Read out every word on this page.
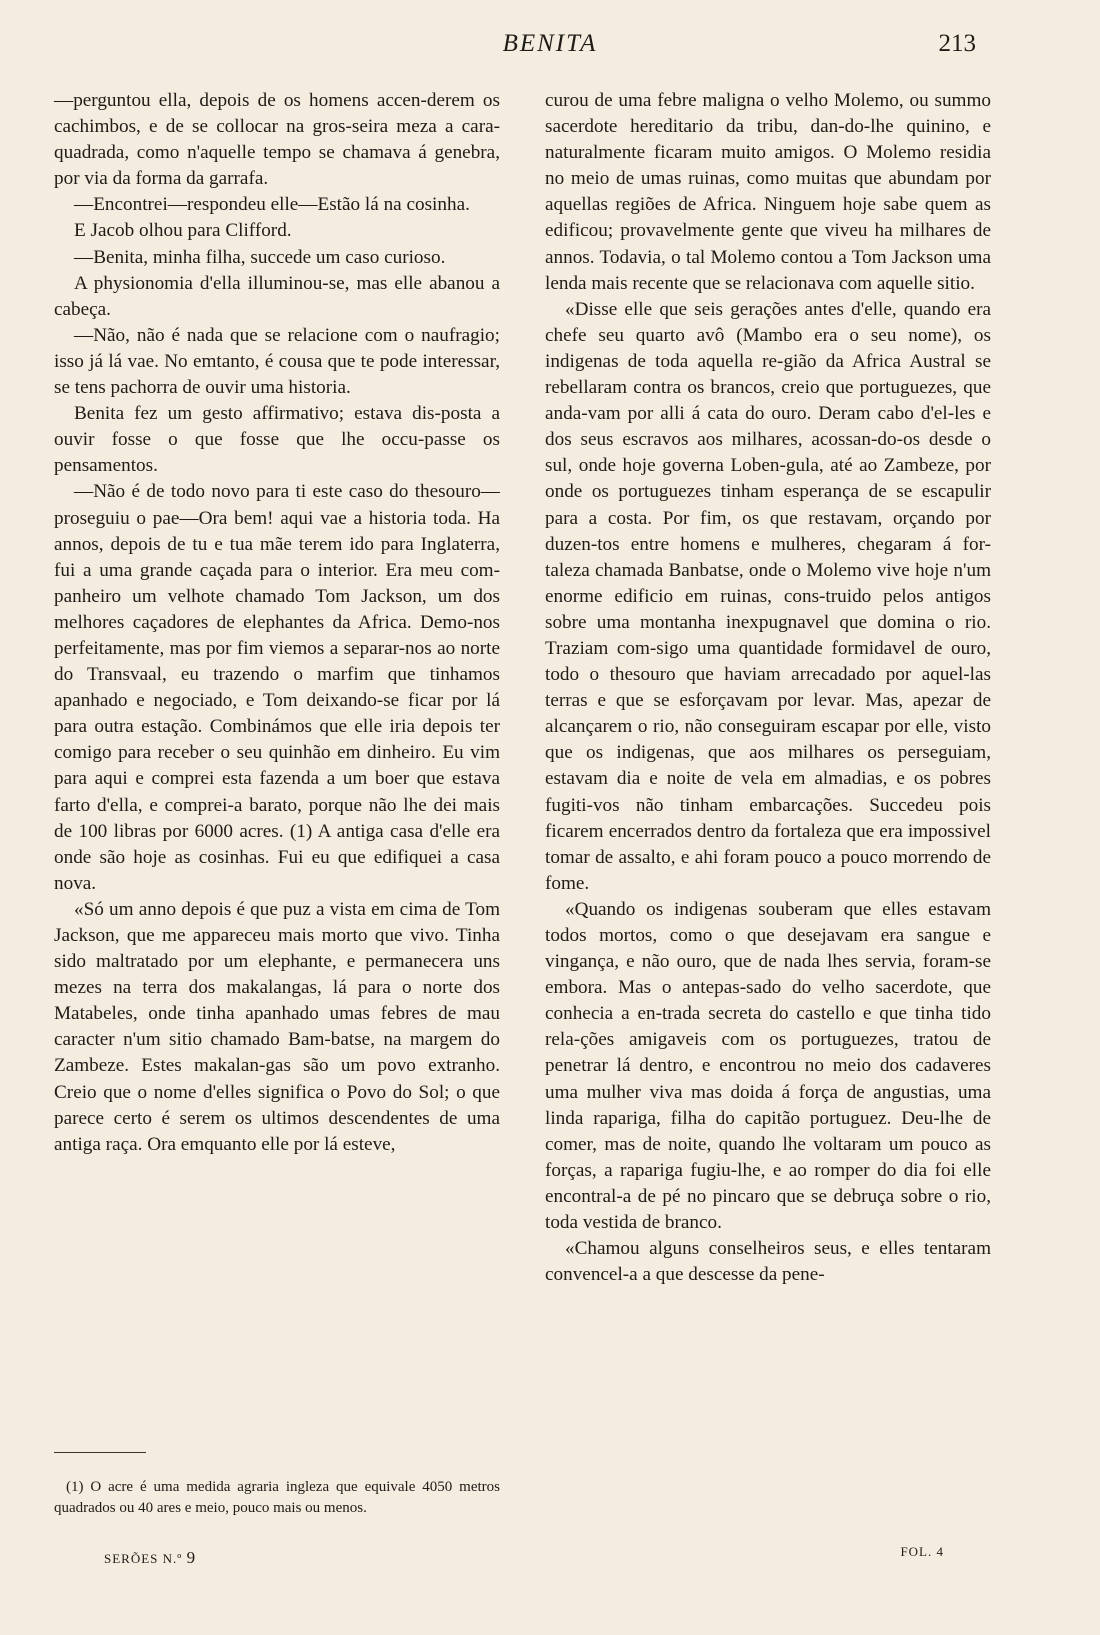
BENITA	213

—perguntou ella, depois de os homens accen-derem os cachimbos, e de se collocar na gros-seira meza a cara-quadrada, como n'aquelle tempo se chamava á genebra, por via da forma da garrafa.

—Encontrei—respondeu elle—Estão lá na cosinha.

E Jacob olhou para Clifford.

—Benita, minha filha, succede um caso curioso.

A physionomia d'ella illuminou-se, mas elle abanou a cabeça.

—Não, não é nada que se relacione com o naufragio; isso já lá vae. No emtanto, é cousa que te pode interessar, se tens pachorra de ouvir uma historia.

Benita fez um gesto affirmativo; estava dis-posta a ouvir fosse o que fosse que lhe occu-passe os pensamentos.

—Não é de todo novo para ti este caso do thesouro—proseguiu o pae—Ora bem! aqui vae a historia toda. Ha annos, depois de tu e tua mãe terem ido para Inglaterra, fui a uma grande caçada para o interior. Era meu com-panheiro um velhote chamado Tom Jackson, um dos melhores caçadores de elephantes da Africa. Demo-nos perfeitamente, mas por fim viemos a separar-nos ao norte do Transvaal, eu trazendo o marfim que tinhamos apanhado e negociado, e Tom deixando-se ficar por lá para outra estação. Combinámos que elle iria depois ter comigo para receber o seu quinhão em dinheiro. Eu vim para aqui e comprei esta fazenda a um boer que estava farto d'ella, e comprei-a barato, porque não lhe dei mais de 100 libras por 6000 acres. (1) A antiga casa d'elle era onde são hoje as cosinhas. Fui eu que edifiquei a casa nova.

«Só um anno depois é que puz a vista em cima de Tom Jackson, que me appareceu mais morto que vivo. Tinha sido maltratado por um elephante, e permanecera uns mezes na terra dos makalangas, lá para o norte dos Matabeles, onde tinha apanhado umas febres de mau caracter n'um sitio chamado Bam-batse, na margem do Zambeze. Estes makalan-gas são um povo extranho. Creio que o nome d'elles significa o Povo do Sol; o que parece certo é serem os ultimos descendentes de uma antiga raça. Ora emquanto elle por lá esteve,

curou de uma febre maligna o velho Molemo, ou summo sacerdote hereditario da tribu, dan-do-lhe quinino, e naturalmente ficaram muito amigos. O Molemo residia no meio de umas ruinas, como muitas que abundam por aquellas regiões de Africa. Ninguem hoje sabe quem as edificou; provavelmente gente que viveu ha milhares de annos. Todavia, o tal Molemo contou a Tom Jackson uma lenda mais recente que se relacionava com aquelle sitio.

«Disse elle que seis gerações antes d'elle, quando era chefe seu quarto avô (Mambo era o seu nome), os indigenas de toda aquella re-gião da Africa Austral se rebellaram contra os brancos, creio que portuguezes, que anda-vam por alli á cata do ouro. Deram cabo d'el-les e dos seus escravos aos milhares, acossan-do-os desde o sul, onde hoje governa Loben-gula, até ao Zambeze, por onde os portuguezes tinham esperança de se escapulir para a costa. Por fim, os que restavam, orçando por duzen-tos entre homens e mulheres, chegaram á for-taleza chamada Banbatse, onde o Molemo vive hoje n'um enorme edificio em ruinas, cons-truido pelos antigos sobre uma montanha inexpugnavel que domina o rio. Traziam com-sigo uma quantidade formidavel de ouro, todo o thesouro que haviam arrecadado por aquel-las terras e que se esforçavam por levar. Mas, apezar de alcançarem o rio, não conseguiram escapar por elle, visto que os indigenas, que aos milhares os perseguiam, estavam dia e noite de vela em almadias, e os pobres fugiti-vos não tinham embarcações. Succedeu pois ficarem encerrados dentro da fortaleza que era impossivel tomar de assalto, e ahi foram pouco a pouco morrendo de fome.

«Quando os indigenas souberam que elles estavam todos mortos, como o que desejavam era sangue e vingança, e não ouro, que de nada lhes servia, foram-se embora. Mas o antepas-sado do velho sacerdote, que conhecia a en-trada secreta do castello e que tinha tido rela-ções amigaveis com os portuguezes, tratou de penetrar lá dentro, e encontrou no meio dos cadaveres uma mulher viva mas doida á força de angustias, uma linda rapariga, filha do capitão portuguez. Deu-lhe de comer, mas de noite, quando lhe voltaram um pouco as forças, a rapariga fugiu-lhe, e ao romper do dia foi elle encontral-a de pé no pincaro que se debruça sobre o rio, toda vestida de branco.

«Chamou alguns conselheiros seus, e elles tentaram convencel-a a que descesse da pene-

(1) O acre é uma medida agraria ingleza que equivale 4050 metros quadrados ou 40 ares e meio, pouco mais ou menos.

SERÕES N.º 9	FOL. 4
